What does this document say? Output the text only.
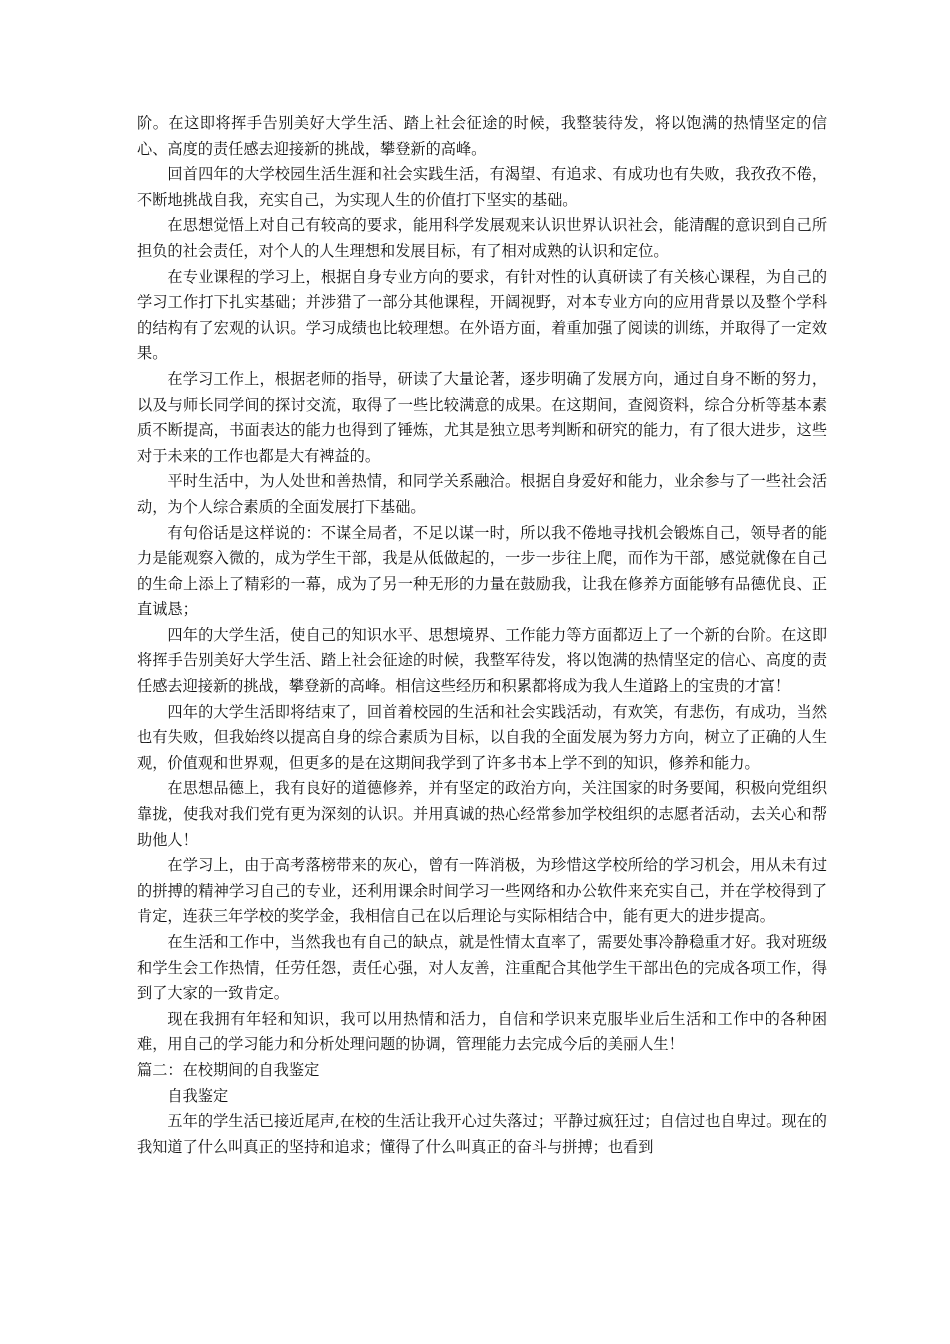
阶。在这即将挥手告别美好大学生活、踏上社会征途的时候，我整装待发，将以饱满的热情坚定的信心、高度的责任感去迎接新的挑战，攀登新的高峰。

回首四年的大学校园生活生涯和社会实践生活，有渴望、有追求、有成功也有失败，我孜孜不倦，不断地挑战自我，充实自己，为实现人生的价值打下坚实的基础。

在思想觉悟上对自己有较高的要求，能用科学发展观来认识世界认识社会，能清醒的意识到自己所担负的社会责任，对个人的人生理想和发展目标，有了相对成熟的认识和定位。

在专业课程的学习上，根据自身专业方向的要求，有针对性的认真研读了有关核心课程，为自己的学习工作打下扎实基础；并涉猎了一部分其他课程，开阔视野，对本专业方向的应用背景以及整个学科的结构有了宏观的认识。学习成绩也比较理想。在外语方面，着重加强了阅读的训练，并取得了一定效果。

在学习工作上，根据老师的指导，研读了大量论著，逐步明确了发展方向，通过自身不断的努力，以及与师长同学间的探讨交流，取得了一些比较满意的成果。在这期间，查阅资料，综合分析等基本素质不断提高，书面表达的能力也得到了锤炼，尤其是独立思考判断和研究的能力，有了很大进步，这些对于未来的工作也都是大有裨益的。

平时生活中，为人处世和善热情，和同学关系融洽。根据自身爱好和能力，业余参与了一些社会活动，为个人综合素质的全面发展打下基础。

有句俗话是这样说的：不谋全局者，不足以谋一时，所以我不倦地寻找机会锻炼自己，领导者的能力是能观察入微的，成为学生干部，我是从低做起的，一步一步往上爬，而作为干部，感觉就像在自己的生命上添上了精彩的一幕，成为了另一种无形的力量在鼓励我，让我在修养方面能够有品德优良、正直诚恳；

四年的大学生活，使自己的知识水平、思想境界、工作能力等方面都迈上了一个新的台阶。在这即将挥手告别美好大学生活、踏上社会征途的时候，我整军待发，将以饱满的热情坚定的信心、高度的责任感去迎接新的挑战，攀登新的高峰。相信这些经历和积累都将成为我人生道路上的宝贵的才富！

四年的大学生活即将结束了，回首着校园的生活和社会实践活动，有欢笑，有悲伤，有成功，当然也有失败，但我始终以提高自身的综合素质为目标，以自我的全面发展为努力方向，树立了正确的人生观，价值观和世界观，但更多的是在这期间我学到了许多书本上学不到的知识，修养和能力。

在思想品德上，我有良好的道德修养，并有坚定的政治方向，关注国家的时务要闻，积极向党组织靠拢，使我对我们党有更为深刻的认识。并用真诚的热心经常参加学校组织的志愿者活动，去关心和帮助他人！

在学习上，由于高考落榜带来的灰心，曾有一阵消极，为珍惜这学校所给的学习机会，用从未有过的拼搏的精神学习自己的专业，还利用课余时间学习一些网络和办公软件来充实自己，并在学校得到了肯定，连获三年学校的奖学金，我相信自己在以后理论与实际相结合中，能有更大的进步提高。

在生活和工作中，当然我也有自己的缺点，就是性情太直率了，需要处事冷静稳重才好。我对班级和学生会工作热情，任劳任怨，责任心强，对人友善，注重配合其他学生干部出色的完成各项工作，得到了大家的一致肯定。

现在我拥有年轻和知识，我可以用热情和活力，自信和学识来克服毕业后生活和工作中的各种困难，用自己的学习能力和分析处理问题的协调，管理能力去完成今后的美丽人生！

篇二：在校期间的自我鉴定

自我鉴定

五年的学生活已接近尾声,在校的生活让我开心过失落过；平静过疯狂过；自信过也自卑过。现在的我知道了什么叫真正的坚持和追求；懂得了什么叫真正的奋斗与拼搏；也看到
